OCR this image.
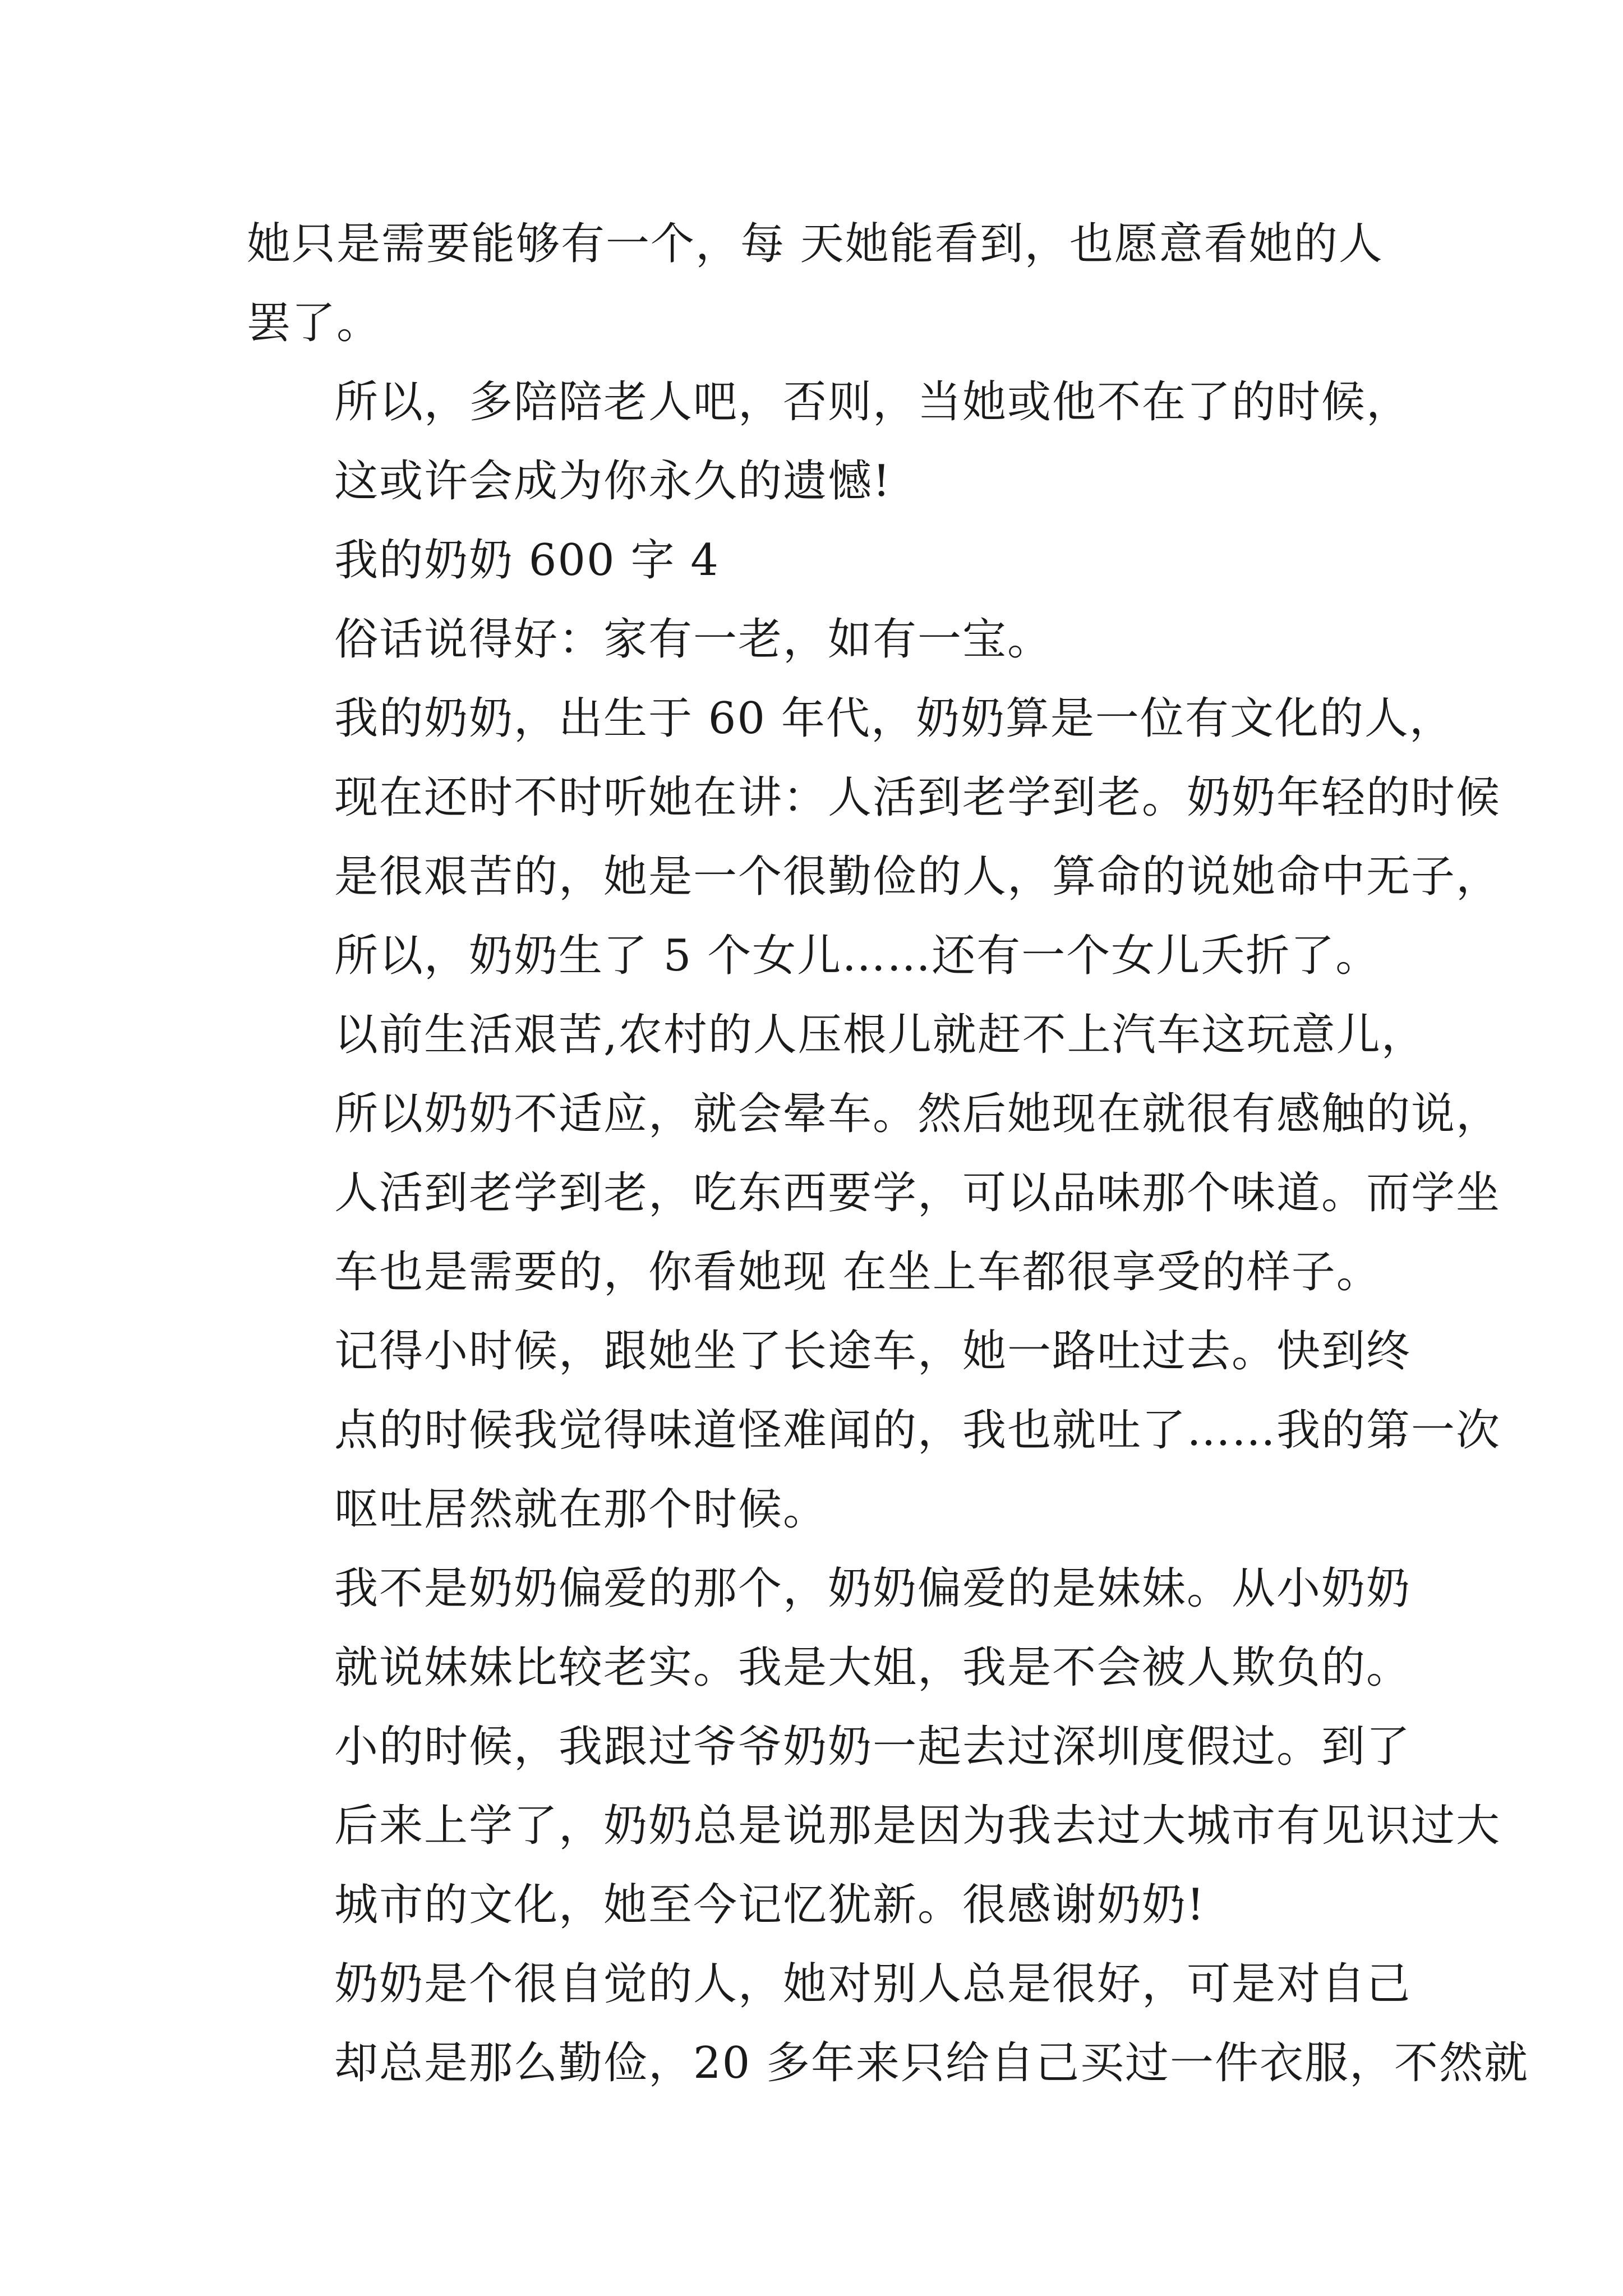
她只是需要能够有一个，每 天她能看到，也愿意看她的人
罢了。
所以，多陪陪老人吧，否则，当她或他不在了的时候，
这或许会成为你永久的遗憾!
我的奶奶 600 字 4
俗话说得好：家有一老，如有一宝。
我的奶奶，出生于 60 年代，奶奶算是一位有文化的人，
现在还时不时听她在讲：人活到老学到老。奶奶年轻的时候
是很艰苦的，她是一个很勤俭的人，算命的说她命中无子，
所以，奶奶生了 5 个女儿……还有一个女儿夭折了。
以前生活艰苦,农村的人压根儿就赶不上汽车这玩意儿，
所以奶奶不适应，就会晕车。然后她现在就很有感触的说，
人活到老学到老，吃东西要学，可以品味那个味道。而学坐
车也是需要的，你看她现 在坐上车都很享受的样子。
记得小时候，跟她坐了长途车，她一路吐过去。快到终
点的时候我觉得味道怪难闻的，我也就吐了……我的第一次
呕吐居然就在那个时候。
我不是奶奶偏爱的那个，奶奶偏爱的是妹妹。从小奶奶
就说妹妹比较老实。我是大姐，我是不会被人欺负的。
小的时候，我跟过爷爷奶奶一起去过深圳度假过。到了
后来上学了，奶奶总是说那是因为我去过大城市有见识过大
城市的文化，她至今记忆犹新。很感谢奶奶!
奶奶是个很自觉的人，她对别人总是很好，可是对自己
却总是那么勤俭，20 多年来只给自己买过一件衣服，不然就
